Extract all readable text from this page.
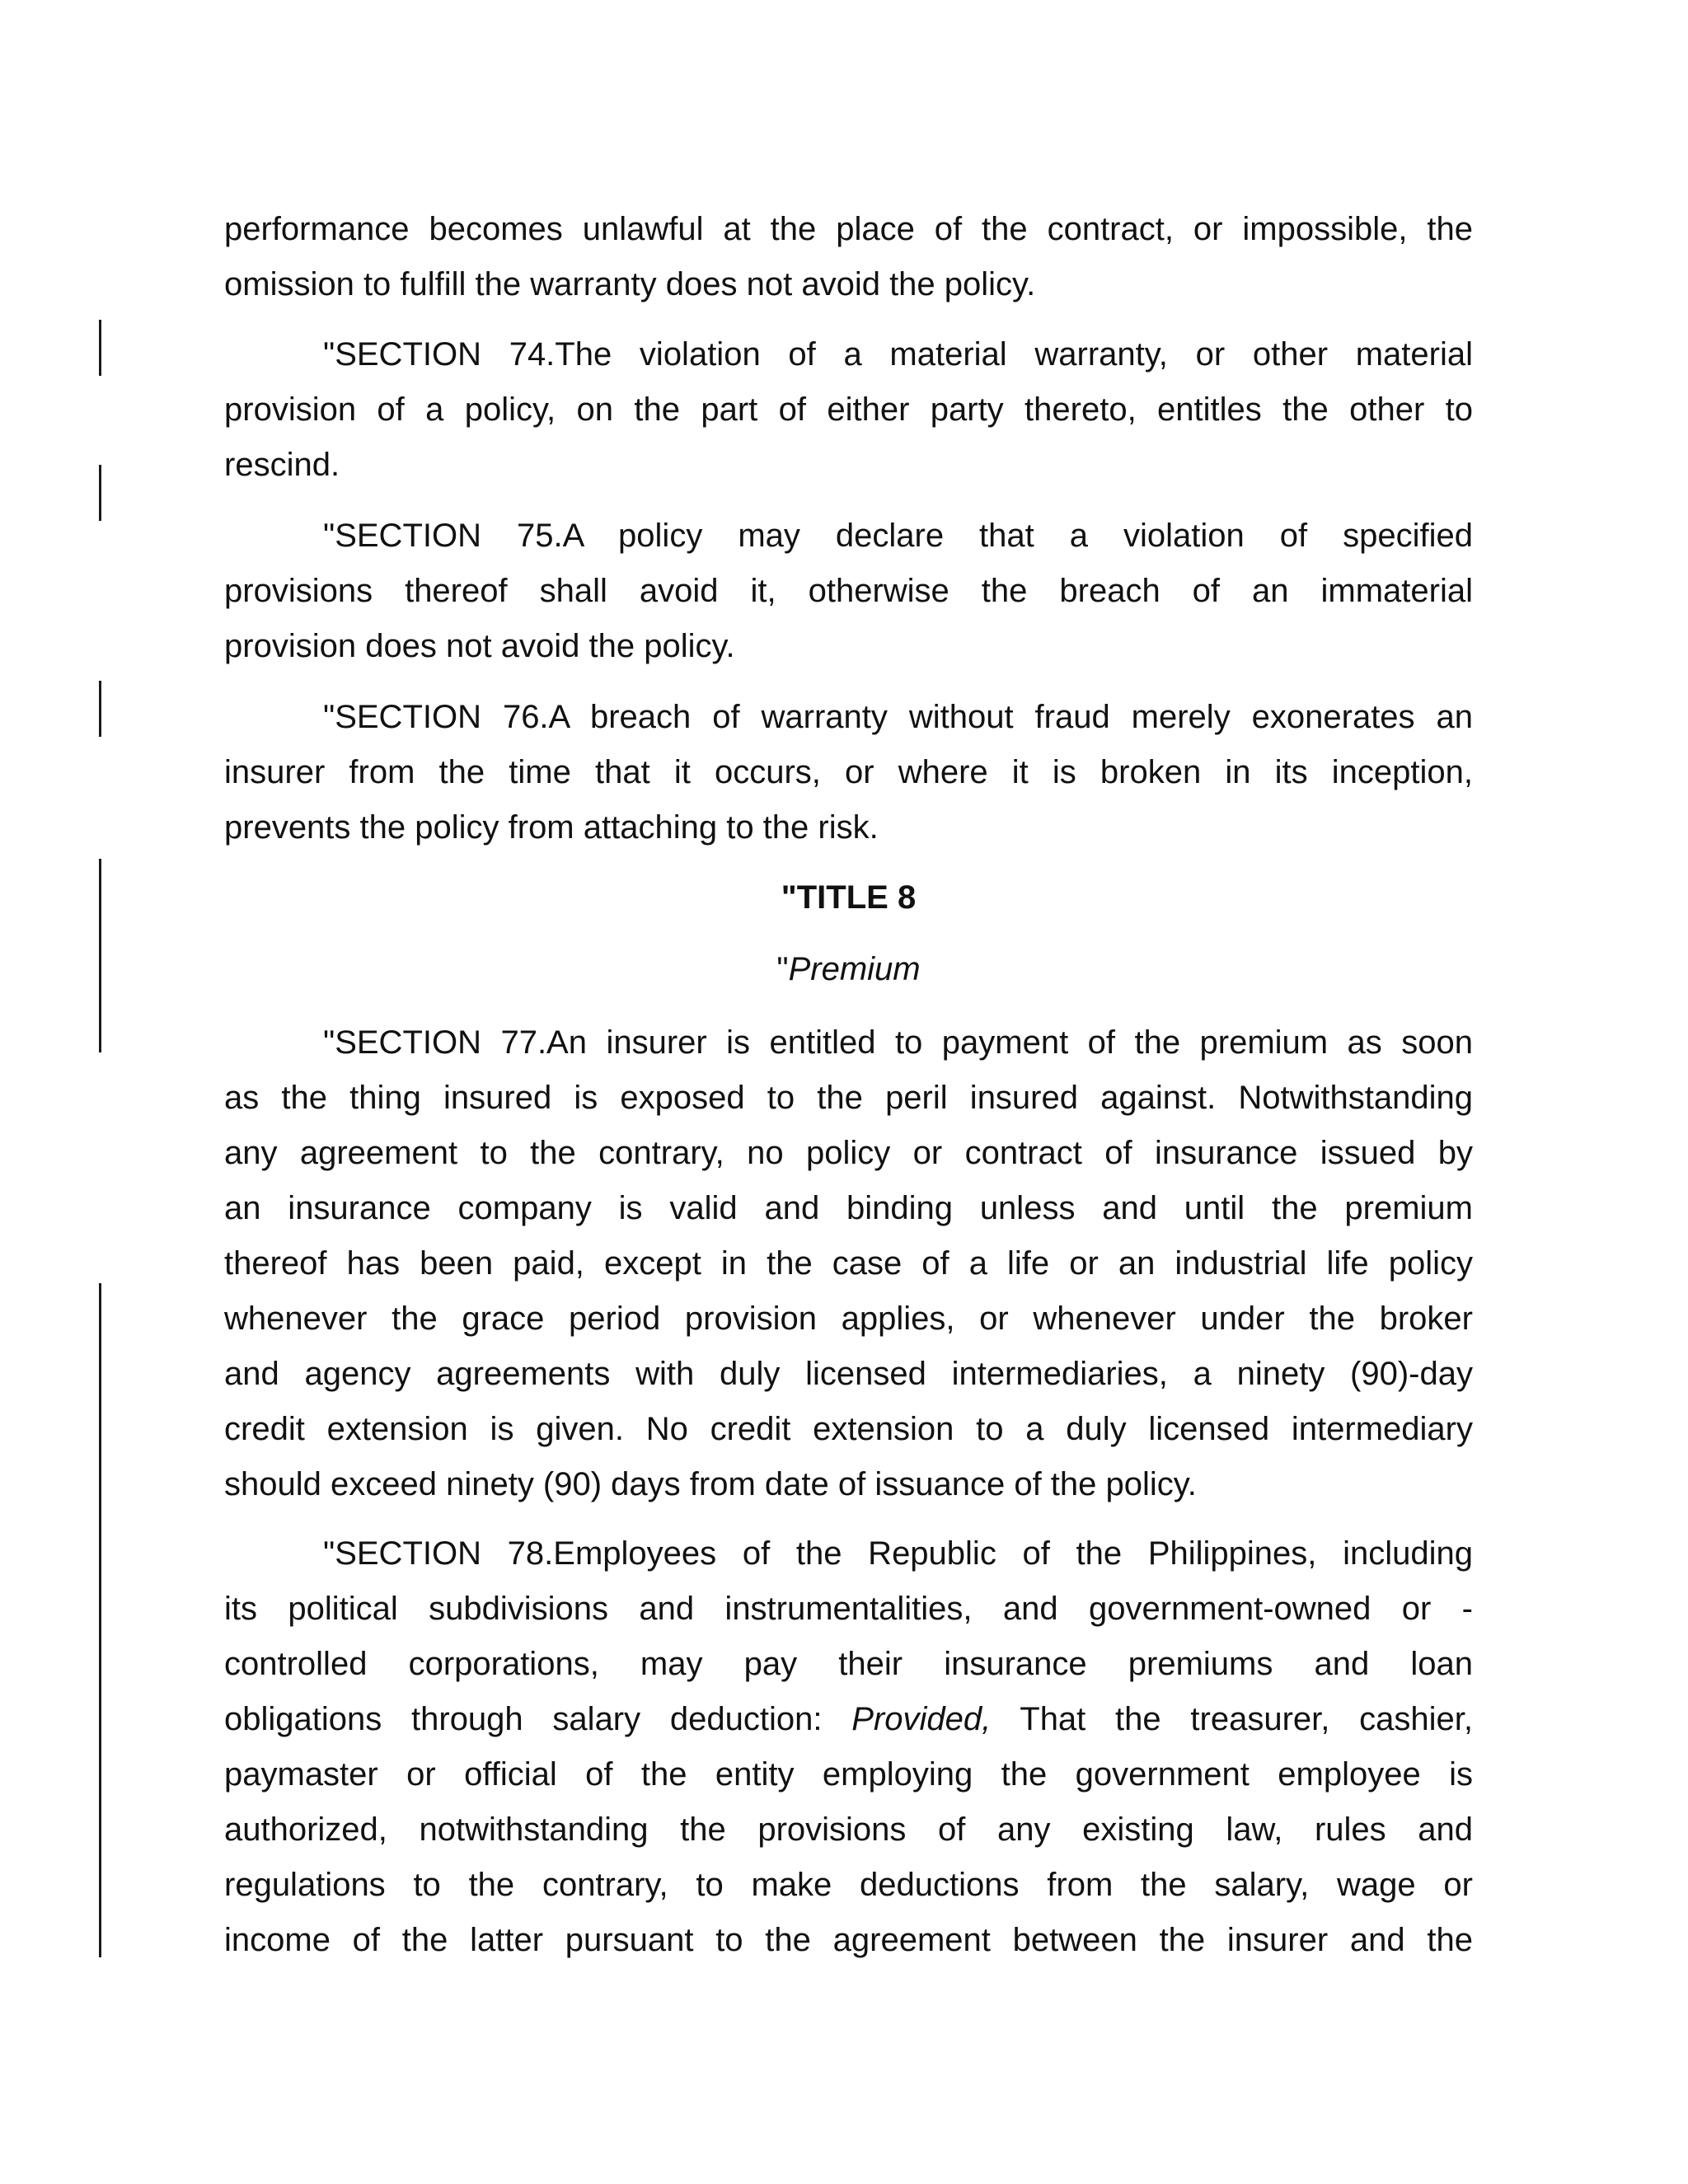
performance becomes unlawful at the place of the contract, or impossible, the
omission to fulfill the warranty does not avoid the policy.
"SECTION 74.The violation of a material warranty, or other material
provision of a policy, on the part of either party thereto, entitles the other to
rescind.
"SECTION 75.A policy may declare that a violation of specified
provisions thereof shall avoid it, otherwise the breach of an immaterial
provision does not avoid the policy.
"SECTION 76.A breach of warranty without fraud merely exonerates an
insurer from the time that it occurs, or where it is broken in its inception,
prevents the policy from attaching to the risk.
"TITLE 8
"Premium
"SECTION 77.An insurer is entitled to payment of the premium as soon
as the thing insured is exposed to the peril insured against. Notwithstanding
any agreement to the contrary, no policy or contract of insurance issued by
an insurance company is valid and binding unless and until the premium
thereof has been paid, except in the case of a life or an industrial life policy
whenever the grace period provision applies, or whenever under the broker
and agency agreements with duly licensed intermediaries, a ninety (90)-day
credit extension is given. No credit extension to a duly licensed intermediary
should exceed ninety (90) days from date of issuance of the policy.
"SECTION 78.Employees of the Republic of the Philippines, including
its political subdivisions and instrumentalities, and government-owned or -
controlled corporations, may pay their insurance premiums and loan
obligations through salary deduction: Provided, That the treasurer, cashier,
paymaster or official of the entity employing the government employee is
authorized, notwithstanding the provisions of any existing law, rules and
regulations to the contrary, to make deductions from the salary, wage or
income of the latter pursuant to the agreement between the insurer and the
